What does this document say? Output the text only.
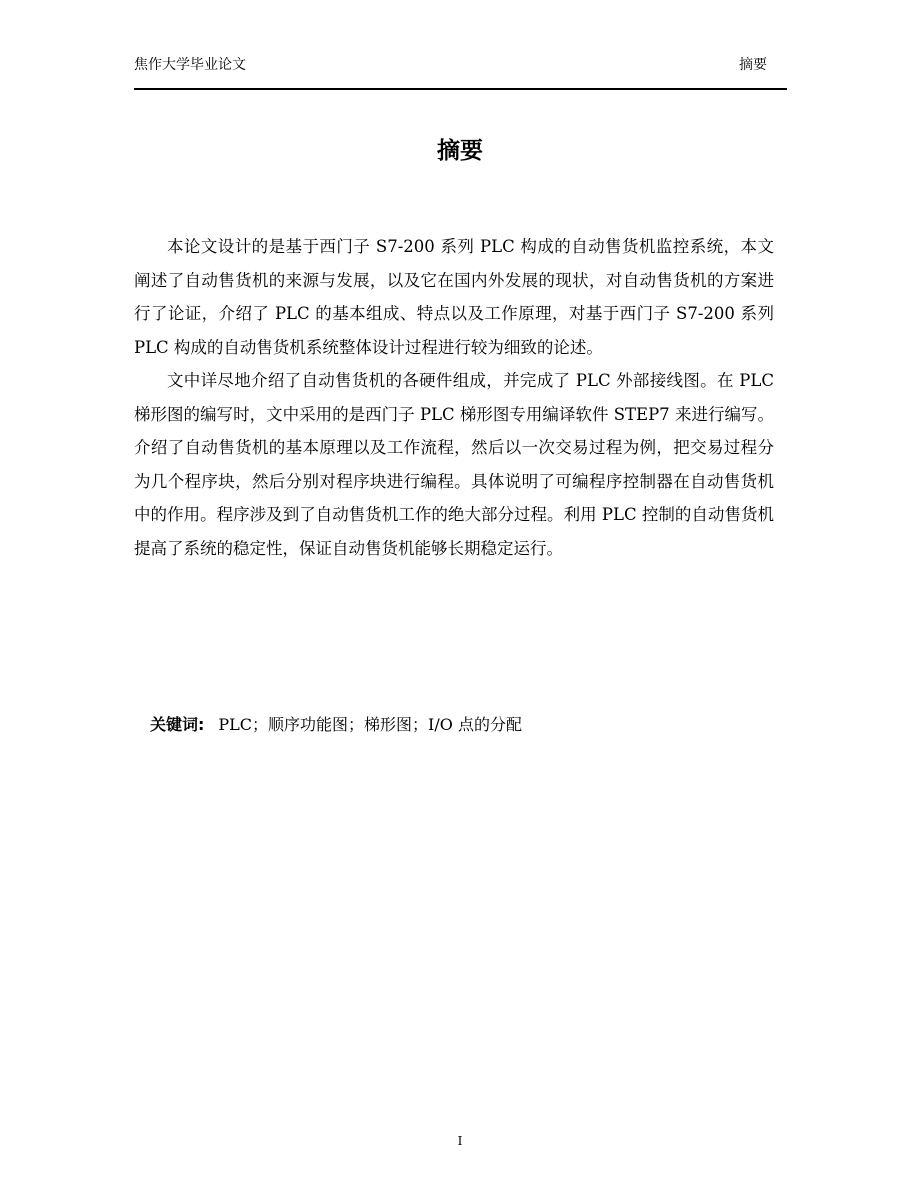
焦作大学毕业论文	摘要
摘要

本论文设计的是基于西门子 S7-200 系列 PLC 构成的自动售货机监控系统，本文阐述了自动售货机的来源与发展，以及它在国内外发展的现状，对自动售货机的方案进行了论证，介绍了 PLC 的基本组成、特点以及工作原理，对基于西门子 S7-200 系列 PLC 构成的自动售货机系统整体设计过程进行较为细致的论述。

文中详尽地介绍了自动售货机的各硬件组成，并完成了 PLC 外部接线图。在 PLC 梯形图的编写时，文中采用的是西门子 PLC 梯形图专用编译软件 STEP7 来进行编写。介绍了自动售货机的基本原理以及工作流程，然后以一次交易过程为例，把交易过程分为几个程序块，然后分别对程序块进行编程。具体说明了可编程序控制器在自动售货机中的作用。程序涉及到了自动售货机工作的绝大部分过程。利用 PLC 控制的自动售货机提高了系统的稳定性，保证自动售货机能够长期稳定运行。

关键词: PLC；顺序功能图；梯形图；I/O 点的分配
I
